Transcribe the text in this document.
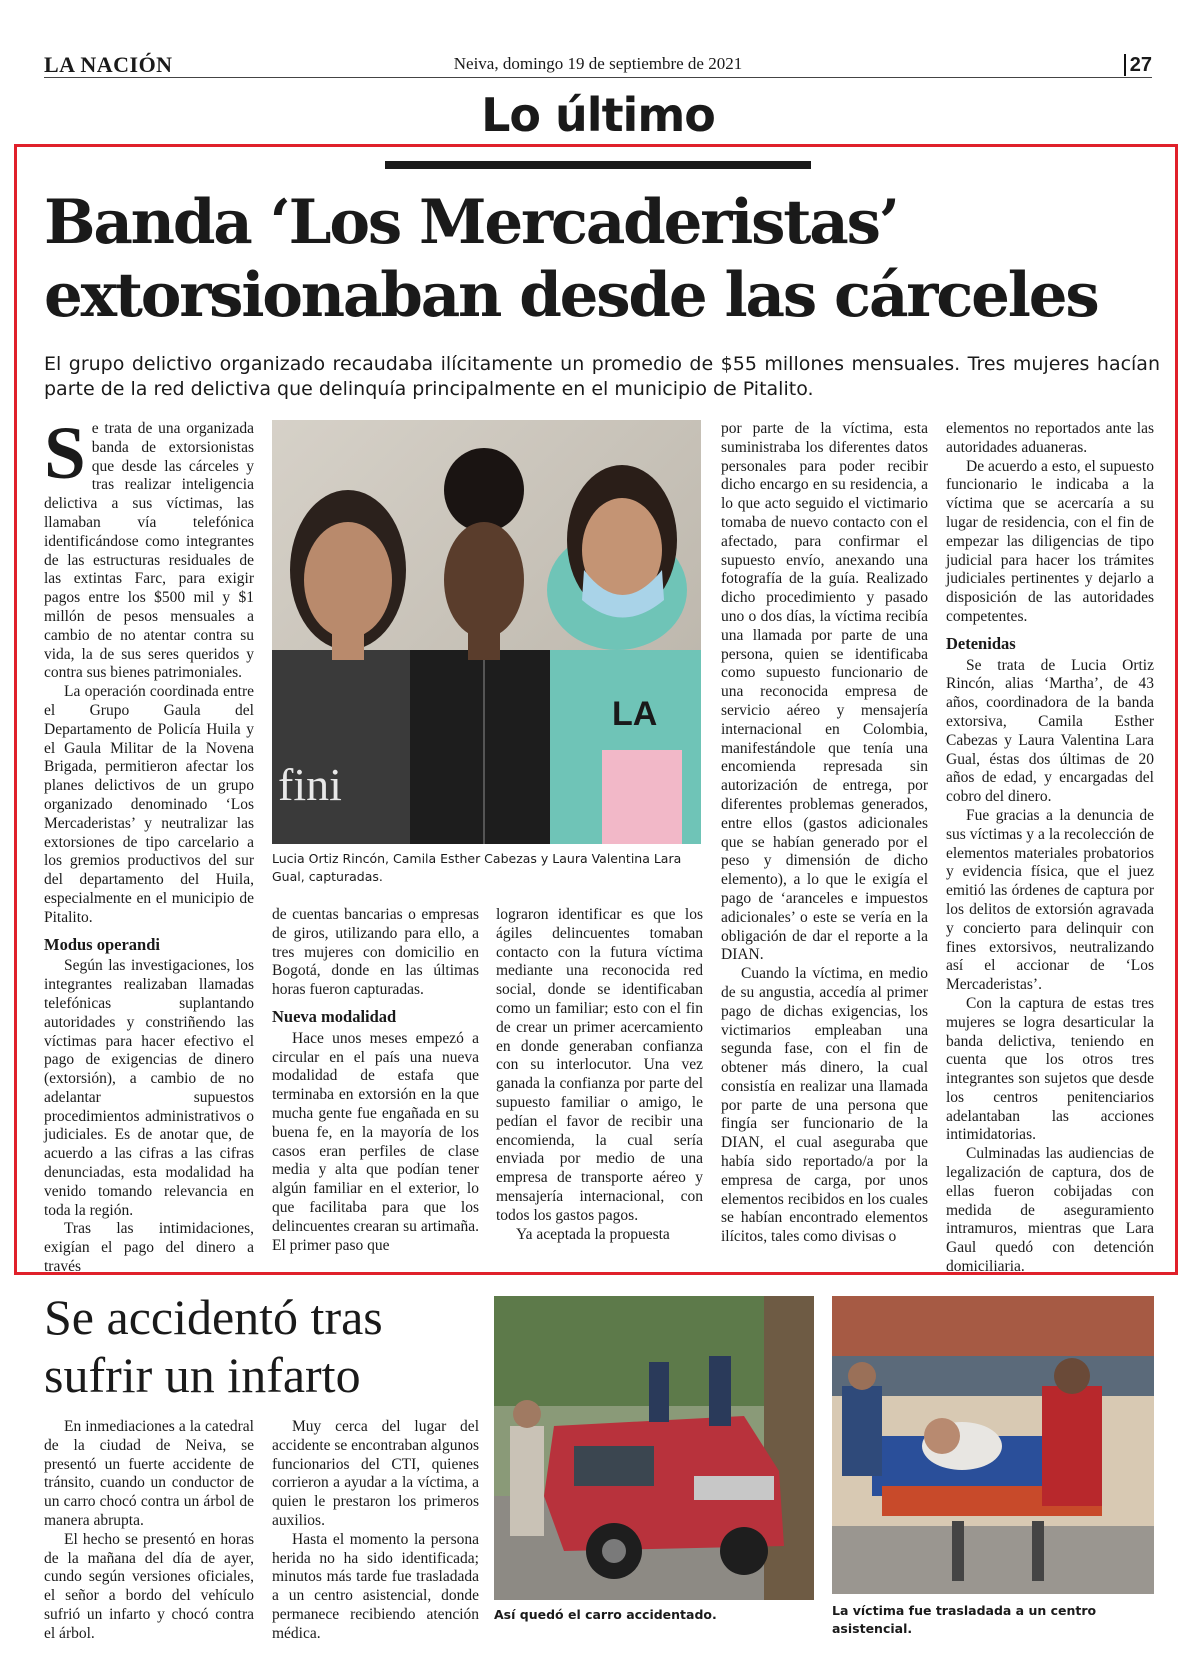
LA NACIÓN	Neiva, domingo 19 de septiembre de 2021	27
Lo último
Banda ‘Los Mercaderistas’ extorsionaban desde las cárceles
El grupo delictivo organizado recaudaba ilícitamente un promedio de $55 millones mensuales. Tres mujeres hacían parte de la red delictiva que delinquía principalmente en el municipio de Pitalito.

Se trata de una organizada banda de extorsionistas que desde las cárceles y tras realizar inteligencia delictiva a sus víctimas, las llamaban vía telefónica identificándose como integrantes de las estructuras residuales de las extintas Farc, para exigir pagos entre los $500 mil y $1 millón de pesos mensuales a cambio de no atentar contra su vida, la de sus seres queridos y contra sus bienes patrimoniales.

La operación coordinada entre el Grupo Gaula del Departamento de Policía Huila y el Gaula Militar de la Novena Brigada, permitieron afectar los planes delictivos de un grupo organizado denominado ‘Los Mercaderistas’ y neutralizar las extorsiones de tipo carcelario a los gremios productivos del sur del departamento del Huila, especialmente en el municipio de Pitalito.

Modus operandi

Según las investigaciones, los integrantes realizaban llamadas telefónicas suplantando autoridades y constriñendo las víctimas para hacer efectivo el pago de exigencias de dinero (extorsión), a cambio de no adelantar supuestos procedimientos administrativos o judiciales. Es de anotar que, de acuerdo a las cifras a las cifras denunciadas, esta modalidad ha venido tomando relevancia en toda la región.

Tras las intimidaciones, exigían el pago del dinero a través

fini
LA
Lucia Ortiz Rincón, Camila Esther Cabezas y Laura Valentina Lara Gual, capturadas.

de cuentas bancarias o empresas de giros, utilizando para ello, a tres mujeres con domicilio en Bogotá, donde en las últimas horas fueron capturadas.

Nueva modalidad

Hace unos meses empezó a circular en el país una nueva modalidad de estafa que terminaba en extorsión en la que mucha gente fue engañada en su buena fe, en la mayoría de los casos eran perfiles de clase media y alta que podían tener algún familiar en el exterior, lo que facilitaba para que los delincuentes crearan su artimaña. El primer paso que

lograron identificar es que los ágiles delincuentes tomaban contacto con la futura víctima mediante una reconocida red social, donde se identificaban como un familiar; esto con el fin de crear un primer acercamiento en donde generaban confianza con su interlocutor. Una vez ganada la confianza por parte del supuesto familiar o amigo, le pedían el favor de recibir una encomienda, la cual sería enviada por medio de una empresa de transporte aéreo y mensajería internacional, con todos los gastos pagos.

Ya aceptada la propuesta

por parte de la víctima, esta suministraba los diferentes datos personales para poder recibir dicho encargo en su residencia, a lo que acto seguido el victimario tomaba de nuevo contacto con el afectado, para confirmar el supuesto envío, anexando una fotografía de la guía. Realizado dicho procedimiento y pasado uno o dos días, la víctima recibía una llamada por parte de una persona, quien se identificaba como supuesto funcionario de una reconocida empresa de servicio aéreo y mensajería internacional en Colombia, manifestándole que tenía una encomienda represada sin autorización de entrega, por diferentes problemas generados, entre ellos (gastos adicionales que se habían generado por el peso y dimensión de dicho elemento), a lo que le exigía el pago de ‘aranceles e impuestos adicionales’ o este se vería en la obligación de dar el reporte a la DIAN.

Cuando la víctima, en medio de su angustia, accedía al primer pago de dichas exigencias, los victimarios empleaban una segunda fase, con el fin de obtener más dinero, la cual consistía en realizar una llamada por parte de una persona que fingía ser funcionario de la DIAN, el cual aseguraba que había sido reportado/a por la empresa de carga, por unos elementos recibidos en los cuales se habían encontrado elementos ilícitos, tales como divisas o

elementos no reportados ante las autoridades aduaneras.

De acuerdo a esto, el supuesto funcionario le indicaba a la víctima que se acercaría a su lugar de residencia, con el fin de empezar las diligencias de tipo judicial para hacer los trámites judiciales pertinentes y dejarlo a disposición de las autoridades competentes.

Detenidas

Se trata de Lucia Ortiz Rincón, alias ‘Martha’, de 43 años, coordinadora de la banda extorsiva, Camila Esther Cabezas y Laura Valentina Lara Gual, éstas dos últimas de 20 años de edad, y encargadas del cobro del dinero.

Fue gracias a la denuncia de sus víctimas y a la recolección de elementos materiales probatorios y evidencia física, que el juez emitió las órdenes de captura por los delitos de extorsión agravada y concierto para delinquir con fines extorsivos, neutralizando así el accionar de ‘Los Mercaderistas’.

Con la captura de estas tres mujeres se logra desarticular la banda delictiva, teniendo en cuenta que los otros tres integrantes son sujetos que desde los centros penitenciarios adelantaban las acciones intimidatorias.

Culminadas las audiencias de legalización de captura, dos de ellas fueron cobijadas con medida de aseguramiento intramuros, mientras que Lara Gaul quedó con detención domiciliaria.

Se accidentó tras sufrir un infarto

En inmediaciones a la catedral de la ciudad de Neiva, se presentó un fuerte accidente de tránsito, cuando un conductor de un carro chocó contra un árbol de manera abrupta.

El hecho se presentó en horas de la mañana del día de ayer, cundo según versiones oficiales, el señor a bordo del vehículo sufrió un infarto y chocó contra el árbol.

Muy cerca del lugar del accidente se encontraban algunos funcionarios del CTI, quienes corrieron a ayudar a la víctima, a quien le prestaron los primeros auxilios.

Hasta el momento la persona herida no ha sido identificada; minutos más tarde fue trasladada a un centro asistencial, donde permanece recibiendo atención médica.

Así quedó el carro accidentado.	La víctima fue trasladada a un centro asistencial.
